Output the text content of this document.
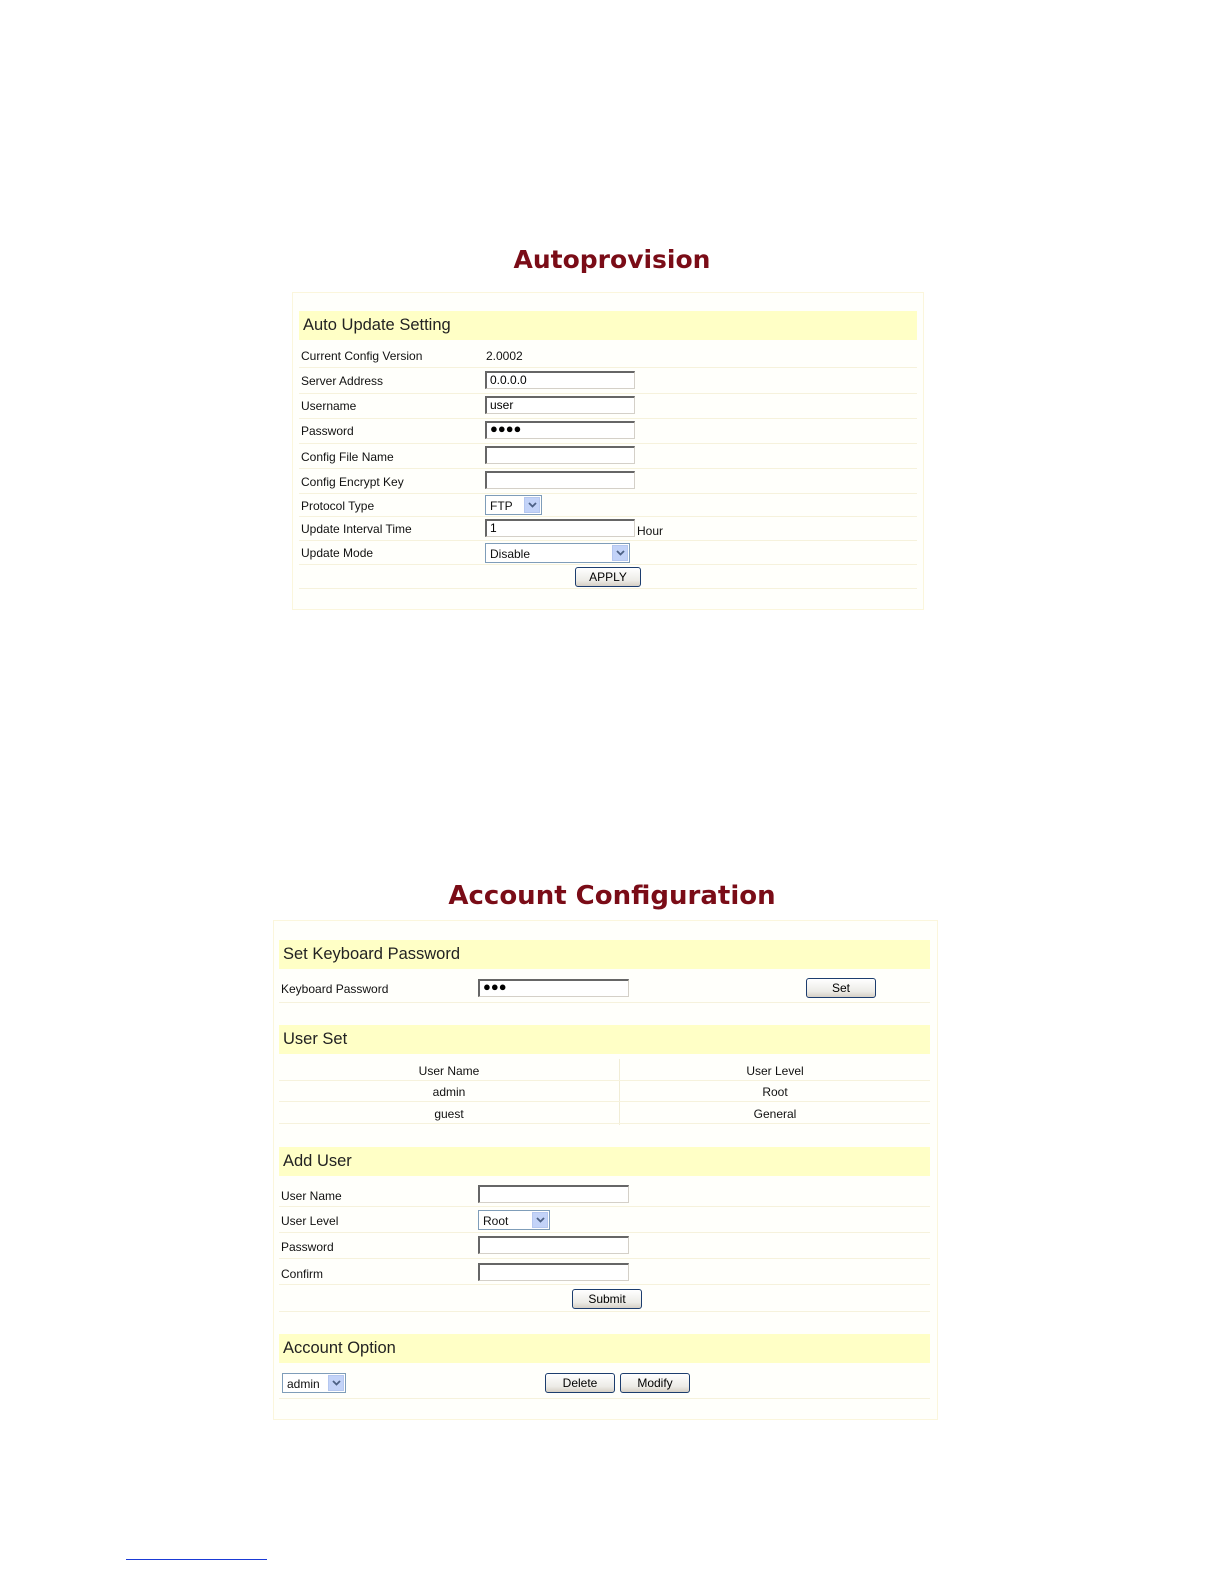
Autoprovision
Auto Update Setting
Current Config Version	2.0002
Server Address	0.0.0.0
Username	user
Password	●●●●
Config File Name
Config Encrypt Key
Protocol Type	FTP
Update Interval Time	1	Hour
Update Mode	Disable
APPLY
Account Configuration
Set Keyboard Password
Keyboard Password	●●●	Set
User Set
User Name	User Level
admin	Root
guest	General
Add User
User Name
User Level	Root
Password
Confirm
Submit
Account Option
admin	Delete	Modify
